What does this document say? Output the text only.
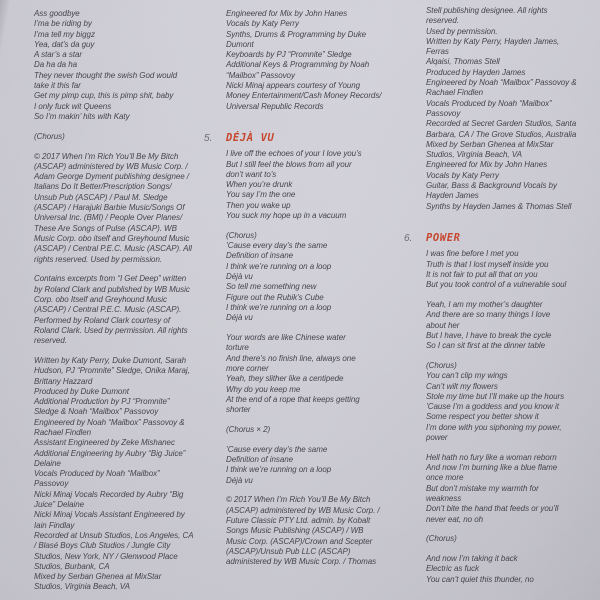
Ass goodbye
I’ma be riding by
I’ma tell my biggz
Yea, dat’s da guy
A star’s a star
Da ha da ha
They never thought the swish God would
take it this far
Get my pimp cup, this is pimp shit, baby
I only fuck wit Queens
So I’m makin’ hits with Katy

(Chorus)

© 2017 When I’m Rich You’ll Be My Bitch
(ASCAP) administered by WB Music Corp. /
Adam George Dyment publishing designee /
Italians Do It Better/Prescription Songs/
Unsub Pub (ASCAP) / Paul M. Sledge
(ASCAP) / Harajuki Barbie Music/Songs Of
Universal Inc. (BMI) / People Over Planes/
These Are Songs of Pulse (ASCAP). WB
Music Corp. obo itself and Greyhound Music
(ASCAP) / Central P.E.C. Music (ASCAP). All
rights reserved. Used by permission.

Contains excerpts from “I Get Deep” written
by Roland Clark and published by WB Music
Corp. obo Itself and Greyhound Music
(ASCAP) / Central P.E.C. Music (ASCAP).
Performed by Roland Clark courtesy of
Roland Clark. Used by permission. All rights
reserved.

Written by Katy Perry, Duke Dumont, Sarah
Hudson, PJ “Promnite” Sledge, Onika Maraj,
Brittany Hazzard
Produced by Duke Dumont
Additional Production by PJ “Promnite”
Sledge & Noah “Mailbox” Passovoy
Engineered by Noah “Mailbox” Passovoy &
Rachael Findlen
Assistant Engineered by Zeke Mishanec
Additional Engineering by Aubry “Big Juice”
Delaine
Vocals Produced by Noah “Mailbox”
Passovoy
Nicki Minaj Vocals Recorded by Aubry “Big
Juice” Delaine
Nicki Minaj Vocals Assistant Engineered by
Iain Findlay
Recorded at Unsub Studios, Los Angeles, CA
/ Blasé Boys Club Studios / Jungle City
Studios, New York, NY / Glenwood Place
Studios, Burbank, CA
Mixed by Serban Ghenea at MixStar
Studios, Virginia Beach, VA

Engineered for Mix by John Hanes
Vocals by Katy Perry
Synths, Drums & Programming by Duke
Dumont
Keyboards by PJ “Promnite” Sledge
Additional Keys & Programming by Noah
“Mailbox” Passovoy
Nicki Minaj appears courtesy of Young
Money Entertainment/Cash Money Records/
Universal Republic Records

5. DÉJÀ VU

I live off the echoes of your I love you’s
But I still feel the blows from all your
don’t want to’s
When you’re drunk
You say I’m the one
Then you wake up
You suck my hope up in a vacuum

(Chorus)
’Cause every day’s the same
Definition of insane
I think we’re running on a loop
Déjà vu
So tell me something new
Figure out the Rubik’s Cube
I think we’re running on a loop
Déjà vu

Your words are like Chinese water
torture
And there’s no finish line, always one
more corner
Yeah, they slither like a centipede
Why do you keep me
At the end of a rope that keeps getting
shorter

(Chorus × 2)

’Cause every day’s the same
Definition of insane
I think we’re running on a loop
Déjà vu

© 2017 When I’m Rich You’ll Be My Bitch
(ASCAP) administered by WB Music Corp. /
Future Classic PTY Ltd. admin. by Kobalt
Songs Music Publishing (ASCAP) / WB
Music Corp. (ASCAP)/Crown and Scepter
(ASCAP)/Unsub Pub LLC (ASCAP)
administered by WB Music Corp. / Thomas

Stell publishing designee. All rights reserved.
Used by permission.
Written by Katy Perry, Hayden James, Ferras
Alqaisi, Thomas Stell
Produced by Hayden James
Engineered by Noah “Mailbox” Passovoy &
Rachael Findlen
Vocals Produced by Noah “Mailbox”
Passovoy
Recorded at Secret Garden Studios, Santa
Barbara, CA / The Grove Studios, Australia
Mixed by Serban Ghenea at MixStar
Studios, Virginia Beach, VA
Engineered for Mix by John Hanes
Vocals by Katy Perry
Guitar, Bass & Background Vocals by
Hayden James
Synths by Hayden James & Thomas Stell

6. POWER

I was fine before I met you
Truth is that I lost myself inside you
It is not fair to put all that on you
But you took control of a vulnerable soul

Yeah, I am my mother’s daughter
And there are so many things I love
about her
But I have, I have to break the cycle
So I can sit first at the dinner table

(Chorus)
You can’t clip my wings
Can’t wilt my flowers
Stole my time but I’ll make up the hours
’Cause I’m a goddess and you know it
Some respect you better show it
I’m done with you siphoning my power,
power

Hell hath no fury like a woman reborn
And now I’m burning like a blue flame
once more
But don’t mistake my warmth for
weakness
Don’t bite the hand that feeds or you’ll
never eat, no oh

(Chorus)

And now I’m taking it back
Electric as fuck
You can’t quiet this thunder, no
